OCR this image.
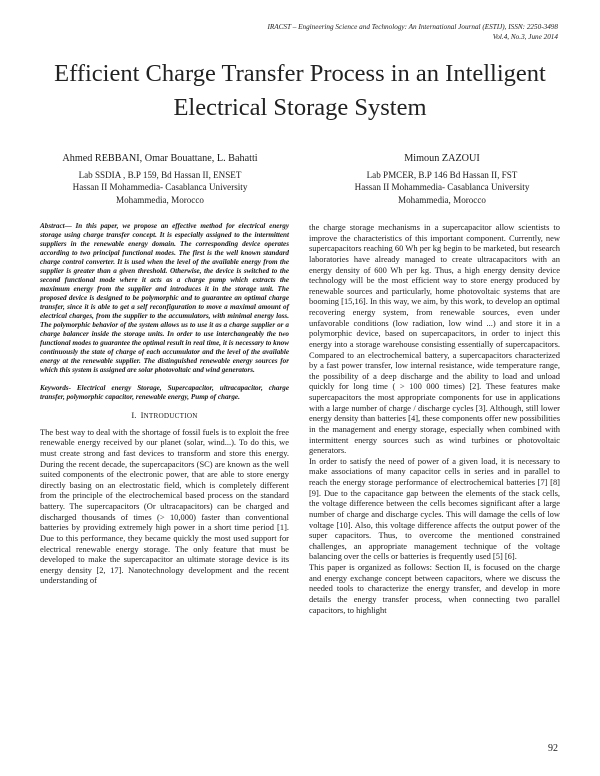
IRACST – Engineering Science and Technology: An International Journal (ESTIJ), ISSN: 2250-3498
Vol.4, No.3, June 2014
Efficient Charge Transfer Process in an Intelligent
Electrical Storage System
Ahmed REBBANI, Omar Bouattane, L. Bahatti
Lab SSDIA , B.P 159, Bd Hassan II, ENSET
Hassan II Mohammedia- Casablanca University
Mohammedia, Morocco
Mimoun ZAZOUI
Lab PMCER, B.P 146 Bd Hassan II, FST
Hassan II Mohammedia- Casablanca University
Mohammedia, Morocco

Abstract— In this paper, we propose an effective method for electrical energy storage using charge transfer concept. It is especially assigned to the intermittent suppliers in the renewable energy domain. The corresponding device operates according to two principal functional modes. The first is the well known standard charge control converter. It is used when the level of the available energy from the supplier is greater than a given threshold. Otherwise, the device is switched to the second functional mode where it acts as a charge pump which extracts the maximum energy from the supplier and introduces it in the storage unit. The proposed device is designed to be polymorphic and to guarantee an optimal charge transfer, since it is able to get a self reconfiguration to move a maximal amount of electrical charges, from the supplier to the accumulators, with minimal energy loss. The polymorphic behavior of the system allows us to use it as a charge supplier or a charge balancer inside the storage units. In order to use interchangeably the two functional modes to guarantee the optimal result in real time, it is necessary to know continuously the state of charge of each accumulator and the level of the available energy at the renewable supplier. The distinguished renewable energy sources for which this system is assigned are solar photovoltaic and wind generators.

Keywords- Electrical energy Storage, Supercapacitor, ultracapacitor, charge transfer, polymorphic capacitor, renewable energy, Pump of charge.

I. INTRODUCTION

The best way to deal with the shortage of fossil fuels is to exploit the free renewable energy received by our planet (solar, wind...). To do this, we must create strong and fast devices to transform and store this energy. During the recent decade, the supercapacitors (SC) are known as the well suited components of the electronic power, that are able to store energy directly basing on an electrostatic field, which is completely different from the principle of the electrochemical based process on the standard battery. The supercapacitors (Or ultracapacitors) can be charged and discharged thousands of times (> 10,000) faster than conventional batteries by providing extremely high power in a short time period [1]. Due to this performance, they became quickly the most used support for electrical renewable energy storage. The only feature that must be developed to make the supercapacitor an ultimate storage device is its energy density [2, 17]. Nanotechnology development and the recent understanding of

the charge storage mechanisms in a supercapacitor allow scientists to improve the characteristics of this important component. Currently, new supercapacitors reaching 60 Wh per kg begin to be marketed, but research laboratories have already managed to create ultracapacitors with an energy density of 600 Wh per kg. Thus, a high energy density device technology will be the most efficient way to store energy produced by renewable sources and particularly, home photovoltaic systems that are booming [15,16]. In this way, we aim, by this work, to develop an optimal recovering energy system, from renewable sources, even under unfavorable conditions (low radiation, low wind ...) and store it in a polymorphic device, based on supercapacitors, in order to inject this energy into a storage warehouse consisting essentially of supercapacitors. Compared to an electrochemical battery, a supercapacitors characterized by a fast power transfer, low internal resistance, wide temperature range, the possibility of a deep discharge and the ability to load and unload quickly for long time ( > 100 000 times) [2]. These features make supercapacitors the most appropriate components for use in applications with a large number of charge / discharge cycles [3]. Although, still lower energy density than batteries [4], these components offer new possibilities in the management and energy storage, especially when combined with intermittent energy sources such as wind turbines or photovoltaic generators.

In order to satisfy the need of power of a given load, it is necessary to make associations of many capacitor cells in series and in parallel to reach the energy storage performance of electrochemical batteries [7] [8] [9]. Due to the capacitance gap between the elements of the stack cells, the voltage difference between the cells becomes significant after a large number of charge and discharge cycles. This will damage the cells of low voltage [10]. Also, this voltage difference affects the output power of the super capacitors. Thus, to overcome the mentioned constrained challenges, an appropriate management technique of the voltage balancing over the cells or batteries is frequently used [5] [6].

This paper is organized as follows: Section II, is focused on the charge and energy exchange concept between capacitors, where we discuss the needed tools to characterize the energy transfer, and develop in more details the energy transfer process, when connecting two parallel capacitors, to highlight

92
